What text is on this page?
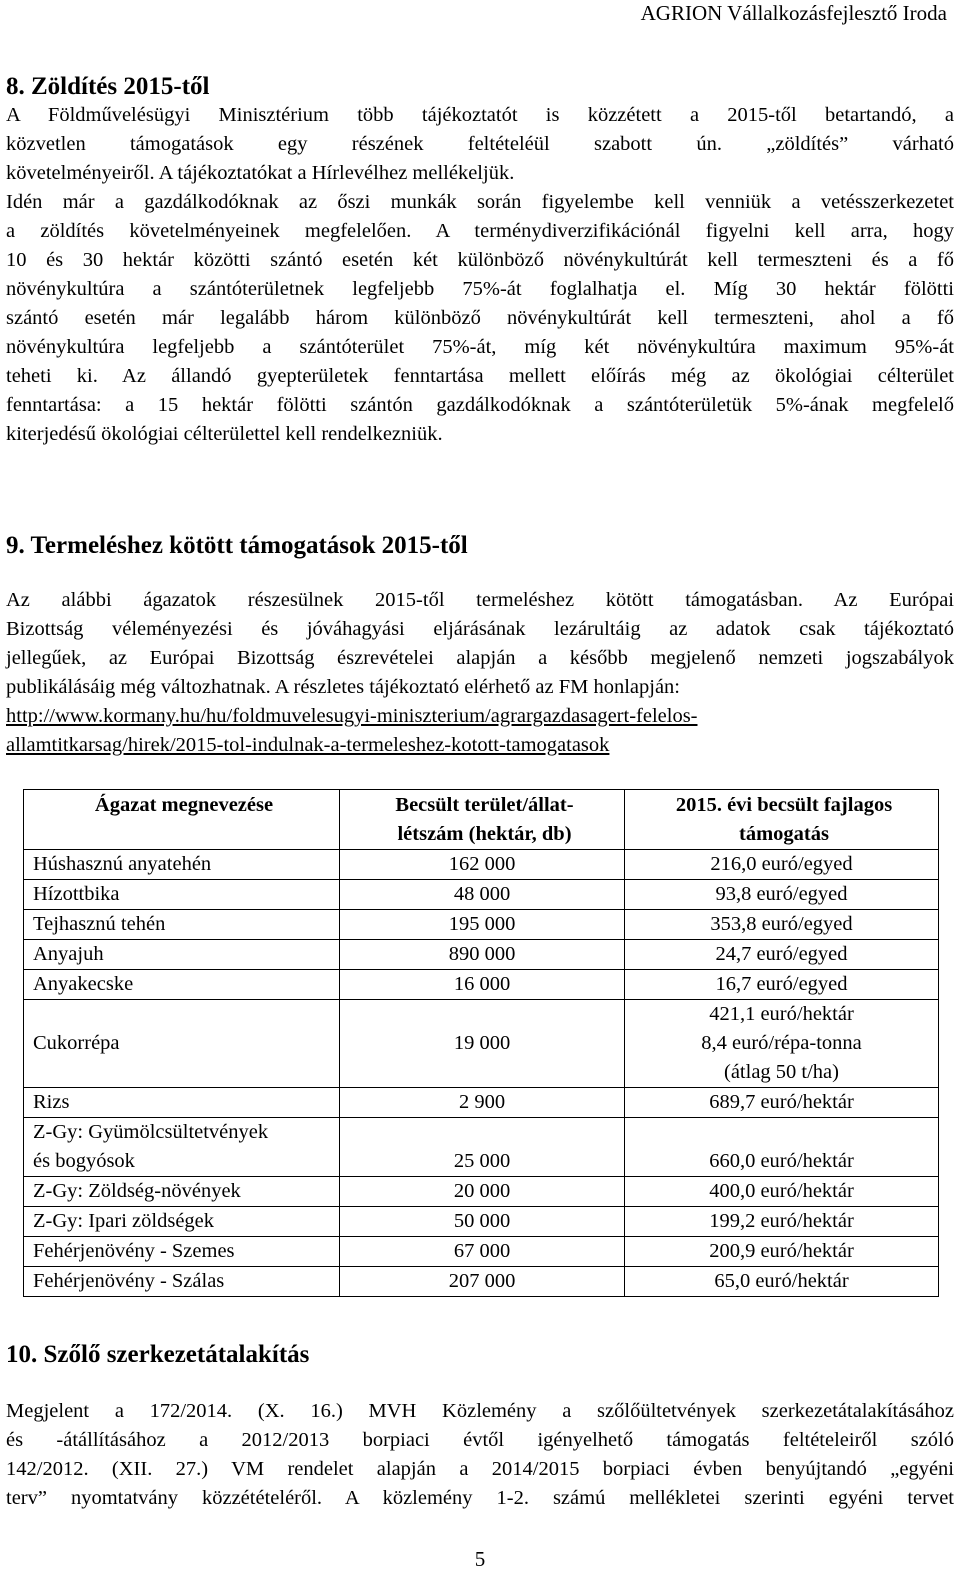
AGRION Vállalkozásfejlesztő Iroda
8. Zöldítés 2015-től
A Földművelésügyi Minisztérium több tájékoztatót is közzétett a 2015-től betartandó, a
közvetlen támogatások egy részének feltételéül szabott ún. „zöldítés” várható
követelményeiről. A tájékoztatókat a Hírlevélhez mellékeljük.
Idén már a gazdálkodóknak az őszi munkák során figyelembe kell venniük a vetésszerkezetet
a zöldítés követelményeinek megfelelően. A terménydiverzifikációnál figyelni kell arra, hogy
10 és 30 hektár közötti szántó esetén két különböző növénykultúrát kell termeszteni és a fő
növénykultúra a szántóterületnek legfeljebb 75%-át foglalhatja el. Míg 30 hektár fölötti
szántó esetén már legalább három különböző növénykultúrát kell termeszteni, ahol a fő
növénykultúra legfeljebb a szántóterület 75%-át, míg két növénykultúra maximum 95%-át
teheti ki. Az állandó gyepterületek fenntartása mellett előírás még az ökológiai célterület
fenntartása: a 15 hektár fölötti szántón gazdálkodóknak a szántóterületük 5%-ának megfelelő
kiterjedésű ökológiai célterülettel kell rendelkezniük.
9. Termeléshez kötött támogatások 2015-től
Az alábbi ágazatok részesülnek 2015-től termeléshez kötött támogatásban. Az Európai
Bizottság véleményezési és jóváhagyási eljárásának lezárultáig az adatok csak tájékoztató
jellegűek, az Európai Bizottság észrevételei alapján a később megjelenő nemzeti jogszabályok
publikálásáig még változhatnak. A részletes tájékoztató elérhető az FM honlapján:
http://www.kormany.hu/hu/foldmuvelesugyi-miniszterium/agrargazdasagert-felelos-
allamtitkarsag/hirek/2015-tol-indulnak-a-termeleshez-kotott-tamogatasok
Ágazat megnevezése	Becsült terület/állat-létszám (hektár, db)	2015. évi becsült fajlagos támogatás
Húshasznú anyatehén	162 000	216,0 euró/egyed
Hízottbika	48 000	93,8 euró/egyed
Tejhasznú tehén	195 000	353,8 euró/egyed
Anyajuh	890 000	24,7 euró/egyed
Anyakecske	16 000	16,7 euró/egyed
Cukorrépa	19 000	421,1 euró/hektár
8,4 euró/répa-tonna
(átlag 50 t/ha)

Rizs	2 900	689,7 euró/hektár

Z-Gy: Gyümölcsültetvények
és bogyósok	25 000	660,0 euró/hektár
Z-Gy: Zöldség-növények	20 000	400,0 euró/hektár
Z-Gy: Ipari zöldségek	50 000	199,2 euró/hektár
Fehérjenövény - Szemes	67 000	200,9 euró/hektár
Fehérjenövény - Szálas	207 000	65,0 euró/hektár
10. Szőlő szerkezetátalakítás
Megjelent a 172/2014. (X. 16.) MVH Közlemény a szőlőültetvények szerkezetátalakításához
és -átállításához a 2012/2013 borpiaci évtől igényelhető támogatás feltételeiről szóló
142/2012. (XII. 27.) VM rendelet alapján a 2014/2015 borpiaci évben benyújtandó „egyéni
terv” nyomtatvány közzétételéről. A közlemény 1-2. számú mellékletei szerinti egyéni tervet
5
